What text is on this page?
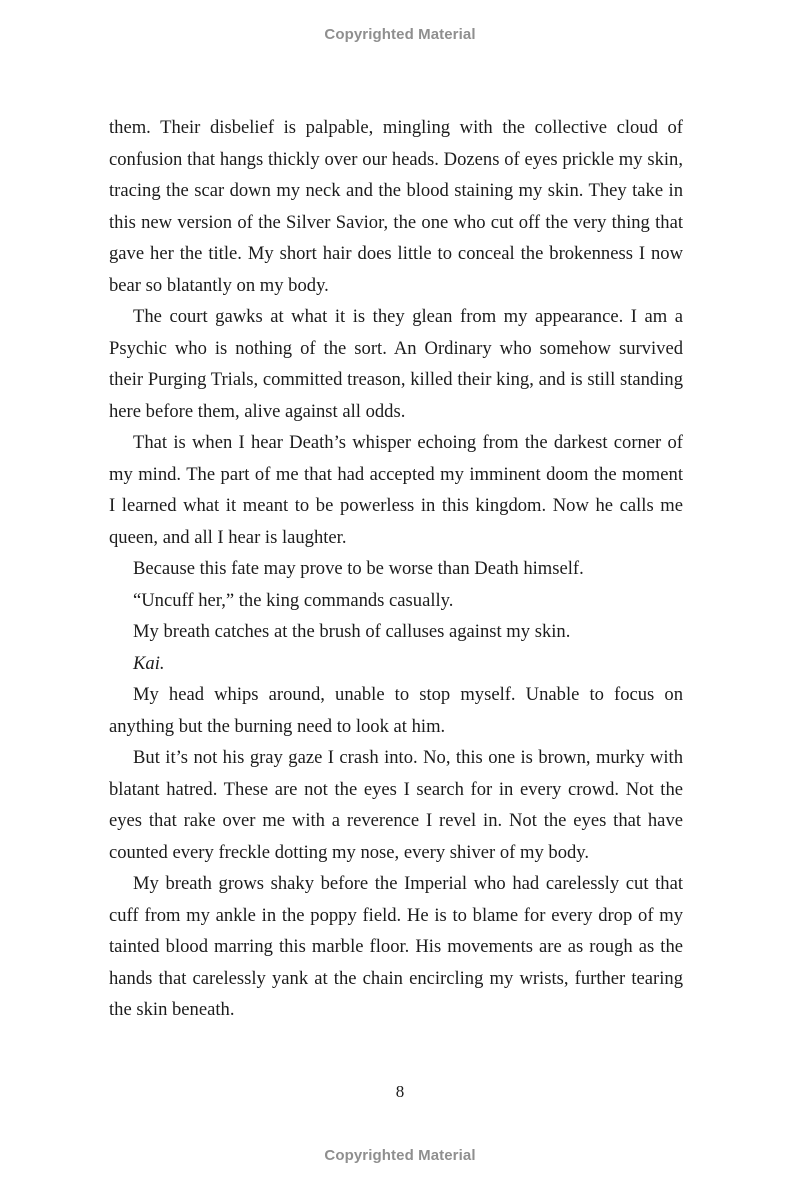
Copyrighted Material

them. Their disbelief is palpable, mingling with the collective cloud of confusion that hangs thickly over our heads. Dozens of eyes prickle my skin, tracing the scar down my neck and the blood staining my skin. They take in this new version of the Silver Savior, the one who cut off the very thing that gave her the title. My short hair does little to conceal the brokenness I now bear so blatantly on my body.

The court gawks at what it is they glean from my appearance. I am a Psychic who is nothing of the sort. An Ordinary who somehow survived their Purging Trials, committed treason, killed their king, and is still standing here before them, alive against all odds.

That is when I hear Death’s whisper echoing from the darkest corner of my mind. The part of me that had accepted my imminent doom the moment I learned what it meant to be powerless in this kingdom. Now he calls me queen, and all I hear is laughter.

Because this fate may prove to be worse than Death himself.

“Uncuff her,” the king commands casually.

My breath catches at the brush of calluses against my skin.

Kai.

My head whips around, unable to stop myself. Unable to focus on anything but the burning need to look at him.

But it’s not his gray gaze I crash into. No, this one is brown, murky with blatant hatred. These are not the eyes I search for in every crowd. Not the eyes that rake over me with a reverence I revel in. Not the eyes that have counted every freckle dotting my nose, every shiver of my body.

My breath grows shaky before the Imperial who had carelessly cut that cuff from my ankle in the poppy field. He is to blame for every drop of my tainted blood marring this marble floor. His movements are as rough as the hands that carelessly yank at the chain encircling my wrists, further tearing the skin beneath.

8
Copyrighted Material
